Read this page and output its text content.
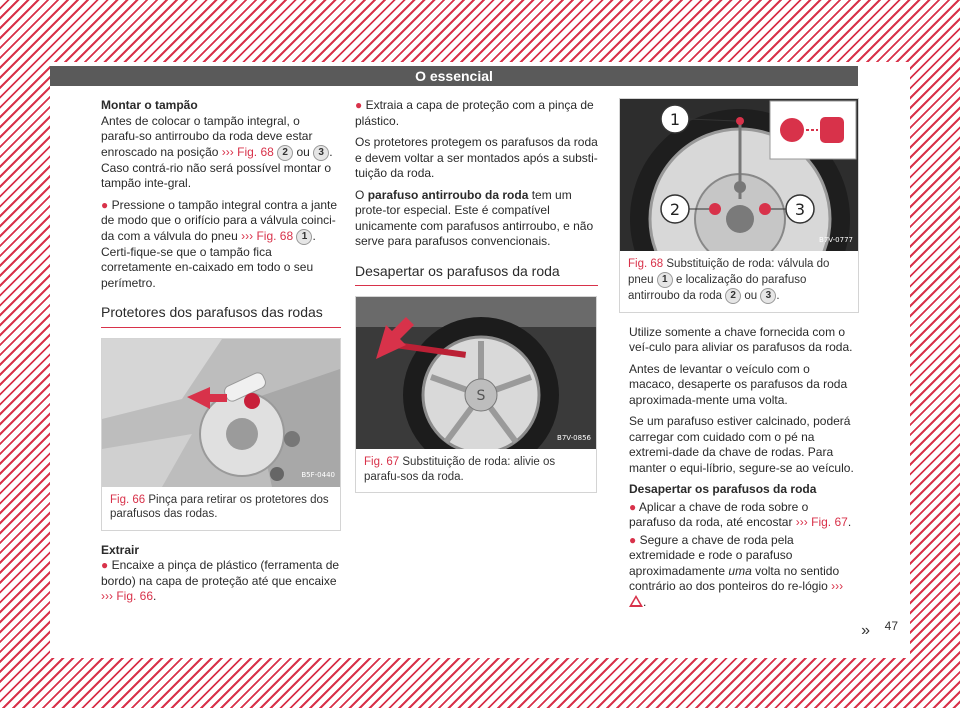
O essencial

Montar o tampão
Antes de colocar o tampão integral, o parafu-so antirroubo da roda deve estar enroscado na posição ››› Fig. 68 2 ou 3 . Caso contrá-rio não será possível montar o tampão inte-gral.

● Pressione o tampão integral contra a jante de modo que o orifício para a válvula coinci-da com a válvula do pneu ››› Fig. 68 1 . Certi-fique-se que o tampão fica corretamente en-caixado em todo o seu perímetro.

Protetores dos parafusos das rodas
B5F-0440
Fig. 66 Pinça para retirar os protetores dos parafusos das rodas.

Extrair
● Encaixe a pinça de plástico (ferramenta de bordo) na capa de proteção até que encaixe ››› Fig. 66.

● Extraia a capa de proteção com a pinça de plástico.

Os protetores protegem os parafusos da roda e devem voltar a ser montados após a substi-tuição da roda.

O parafuso antirroubo da roda tem um prote-tor especial. Este é compatível unicamente com parafusos antirroubo, e não serve para parafusos convencionais.

Desapertar os parafusos da roda
S
B7V-0856
Fig. 67 Substituição de roda: alivie os parafu-sos da roda.
1
2	3
B7V-0777
Fig. 68 Substituição de roda: válvula do pneu 1 e localização do parafuso antirroubo da roda 2 ou 3 .

Utilize somente a chave fornecida com o veí-culo para aliviar os parafusos da roda.

Antes de levantar o veículo com o macaco, desaperte os parafusos da roda aproximada-mente uma volta.

Se um parafuso estiver calcinado, poderá carregar com cuidado com o pé na extremi-dade da chave de rodas. Para manter o equi-líbrio, segure-se ao veículo.

Desapertar os parafusos da roda

● Aplicar a chave de roda sobre o parafuso da roda, até encostar ››› Fig. 67.

● Segure a chave de roda pela extremidade e rode o parafuso aproximadamente uma volta no sentido contrário ao dos ponteiros do re-lógio ››› .

» 47
